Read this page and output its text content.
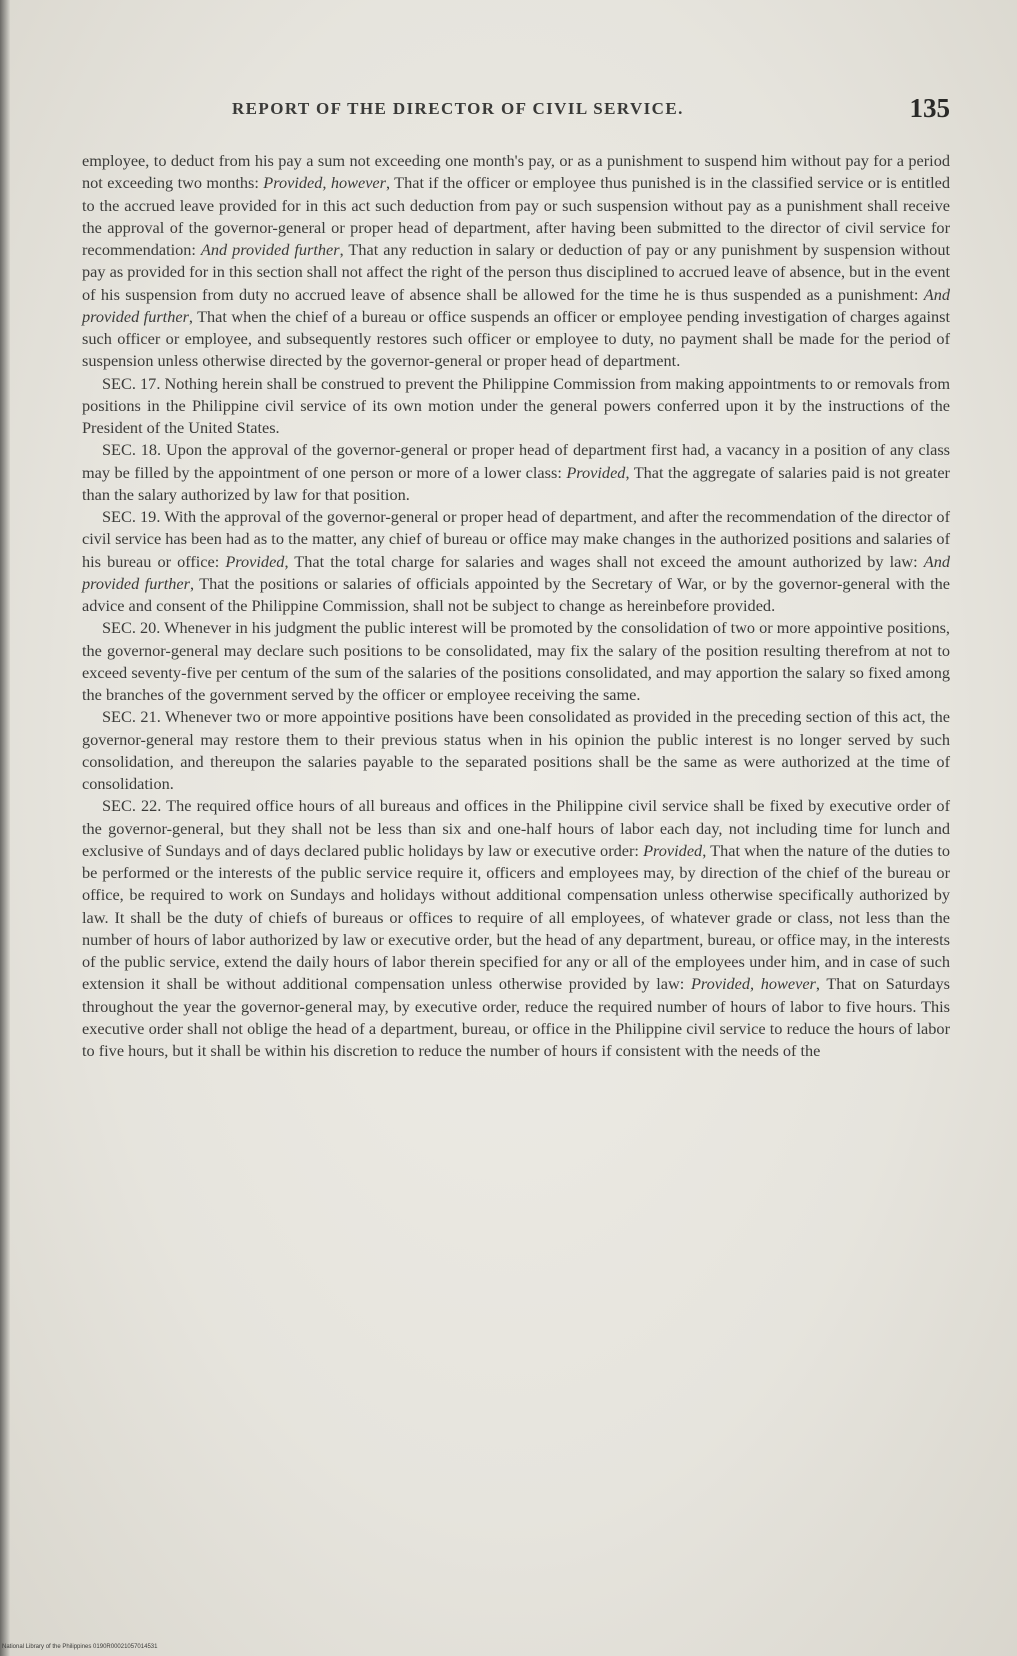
REPORT OF THE DIRECTOR OF CIVIL SERVICE.	135

employee, to deduct from his pay a sum not exceeding one month's pay, or as a punishment to suspend him without pay for a period not exceeding two months: Provided, however, That if the officer or employee thus punished is in the classified service or is entitled to the accrued leave provided for in this act such deduction from pay or such suspension without pay as a punishment shall receive the approval of the governor-general or proper head of department, after having been submitted to the director of civil service for recommendation: And provided further, That any reduction in salary or deduction of pay or any punishment by suspension without pay as provided for in this section shall not affect the right of the person thus disciplined to accrued leave of absence, but in the event of his suspension from duty no accrued leave of absence shall be allowed for the time he is thus suspended as a punishment: And provided further, That when the chief of a bureau or office suspends an officer or employee pending investigation of charges against such officer or employee, and subsequently restores such officer or employee to duty, no payment shall be made for the period of suspension unless otherwise directed by the governor-general or proper head of department.

SEC. 17. Nothing herein shall be construed to prevent the Philippine Commission from making appointments to or removals from positions in the Philippine civil service of its own motion under the general powers conferred upon it by the instructions of the President of the United States.

SEC. 18. Upon the approval of the governor-general or proper head of department first had, a vacancy in a position of any class may be filled by the appointment of one person or more of a lower class: Provided, That the aggregate of salaries paid is not greater than the salary authorized by law for that position.

SEC. 19. With the approval of the governor-general or proper head of department, and after the recommendation of the director of civil service has been had as to the matter, any chief of bureau or office may make changes in the authorized positions and salaries of his bureau or office: Provided, That the total charge for salaries and wages shall not exceed the amount authorized by law: And provided further, That the positions or salaries of officials appointed by the Secretary of War, or by the governor-general with the advice and consent of the Philippine Commission, shall not be subject to change as hereinbefore provided.

SEC. 20. Whenever in his judgment the public interest will be promoted by the consolidation of two or more appointive positions, the governor-general may declare such positions to be consolidated, may fix the salary of the position resulting therefrom at not to exceed seventy-five per centum of the sum of the salaries of the positions consolidated, and may apportion the salary so fixed among the branches of the government served by the officer or employee receiving the same.

SEC. 21. Whenever two or more appointive positions have been consolidated as provided in the preceding section of this act, the governor-general may restore them to their previous status when in his opinion the public interest is no longer served by such consolidation, and thereupon the salaries payable to the separated positions shall be the same as were authorized at the time of consolidation.

SEC. 22. The required office hours of all bureaus and offices in the Philippine civil service shall be fixed by executive order of the governor-general, but they shall not be less than six and one-half hours of labor each day, not including time for lunch and exclusive of Sundays and of days declared public holidays by law or executive order: Provided, That when the nature of the duties to be performed or the interests of the public service require it, officers and employees may, by direction of the chief of the bureau or office, be required to work on Sundays and holidays without additional compensation unless otherwise specifically authorized by law. It shall be the duty of chiefs of bureaus or offices to require of all employees, of whatever grade or class, not less than the number of hours of labor authorized by law or executive order, but the head of any department, bureau, or office may, in the interests of the public service, extend the daily hours of labor therein specified for any or all of the employees under him, and in case of such extension it shall be without additional compensation unless otherwise provided by law: Provided, however, That on Saturdays throughout the year the governor-general may, by executive order, reduce the required number of hours of labor to five hours. This executive order shall not oblige the head of a department, bureau, or office in the Philippine civil service to reduce the hours of labor to five hours, but it shall be within his discretion to reduce the number of hours if consistent with the needs of the

National Library of the Philippines 0190R00021057014531
